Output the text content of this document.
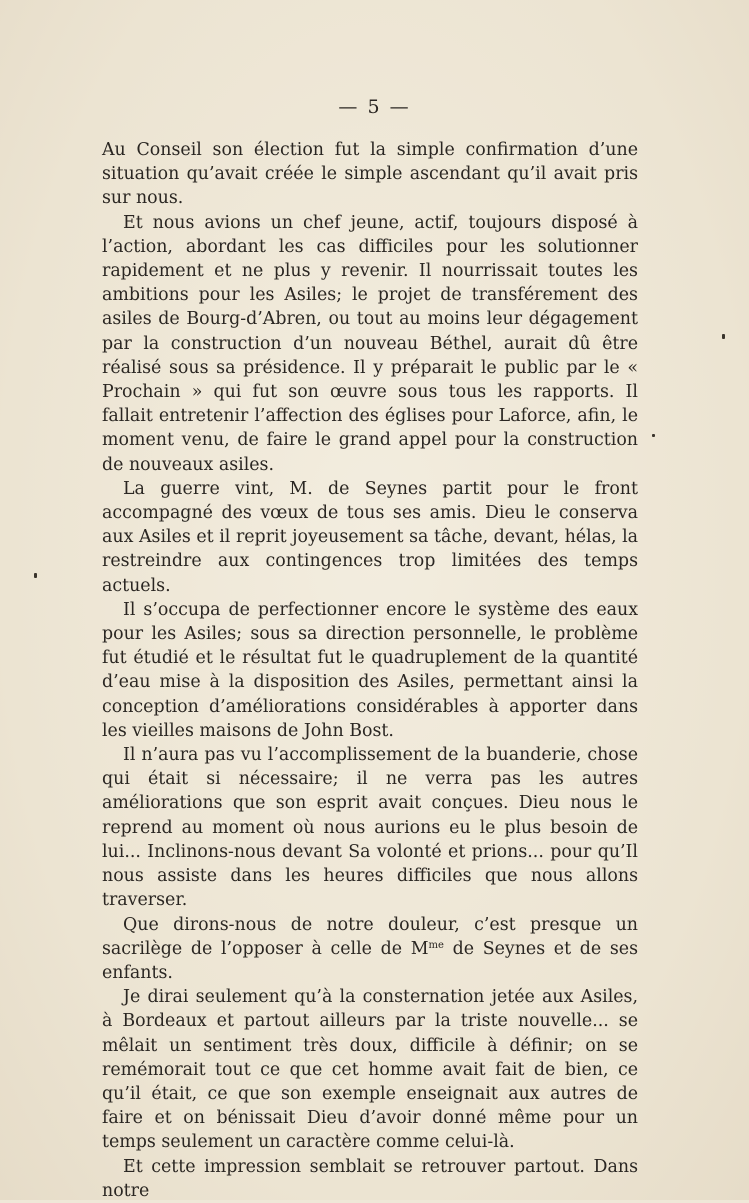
— 5 —

Au Conseil son élection fut la simple confirmation d’une situation qu’avait créée le simple ascendant qu’il avait pris sur nous.

Et nous avions un chef jeune, actif, toujours disposé à l’action, abordant les cas difficiles pour les solutionner rapidement et ne plus y revenir. Il nourrissait toutes les ambitions pour les Asiles; le projet de transférement des asiles de Bourg-d’Abren, ou tout au moins leur dégagement par la construction d’un nouveau Béthel, aurait dû être réalisé sous sa présidence. Il y préparait le public par le « Prochain » qui fut son œuvre sous tous les rapports. Il fallait entretenir l’affection des églises pour Laforce, afin, le moment venu, de faire le grand appel pour la construction de nouveaux asiles.

La guerre vint, M. de Seynes partit pour le front accompagné des vœux de tous ses amis. Dieu le conserva aux Asiles et il reprit joyeusement sa tâche, devant, hélas, la restreindre aux contingences trop limitées des temps actuels.

Il s’occupa de perfectionner encore le système des eaux pour les Asiles; sous sa direction personnelle, le problème fut étudié et le résultat fut le quadruplement de la quantité d’eau mise à la disposition des Asiles, permettant ainsi la conception d’améliorations considérables à apporter dans les vieilles maisons de John Bost.

Il n’aura pas vu l’accomplissement de la buanderie, chose qui était si nécessaire; il ne verra pas les autres améliorations que son esprit avait conçues. Dieu nous le reprend au moment où nous aurions eu le plus besoin de lui... Inclinons-nous devant Sa volonté et prions... pour qu’Il nous assiste dans les heures difficiles que nous allons traverser.

Que dirons-nous de notre douleur, c’est presque un sacrilège de l’opposer à celle de $M^{me}$ de Seynes et de ses enfants.

Je dirai seulement qu’à la consternation jetée aux Asiles, à Bordeaux et partout ailleurs par la triste nouvelle... se mêlait un sentiment très doux, difficile à définir; on se remémorait tout ce que cet homme avait fait de bien, ce qu’il était, ce que son exemple enseignait aux autres de faire et on bénissait Dieu d’avoir donné même pour un temps seulement un caractère comme celui-là.

Et cette impression semblait se retrouver partout. Dans notre
